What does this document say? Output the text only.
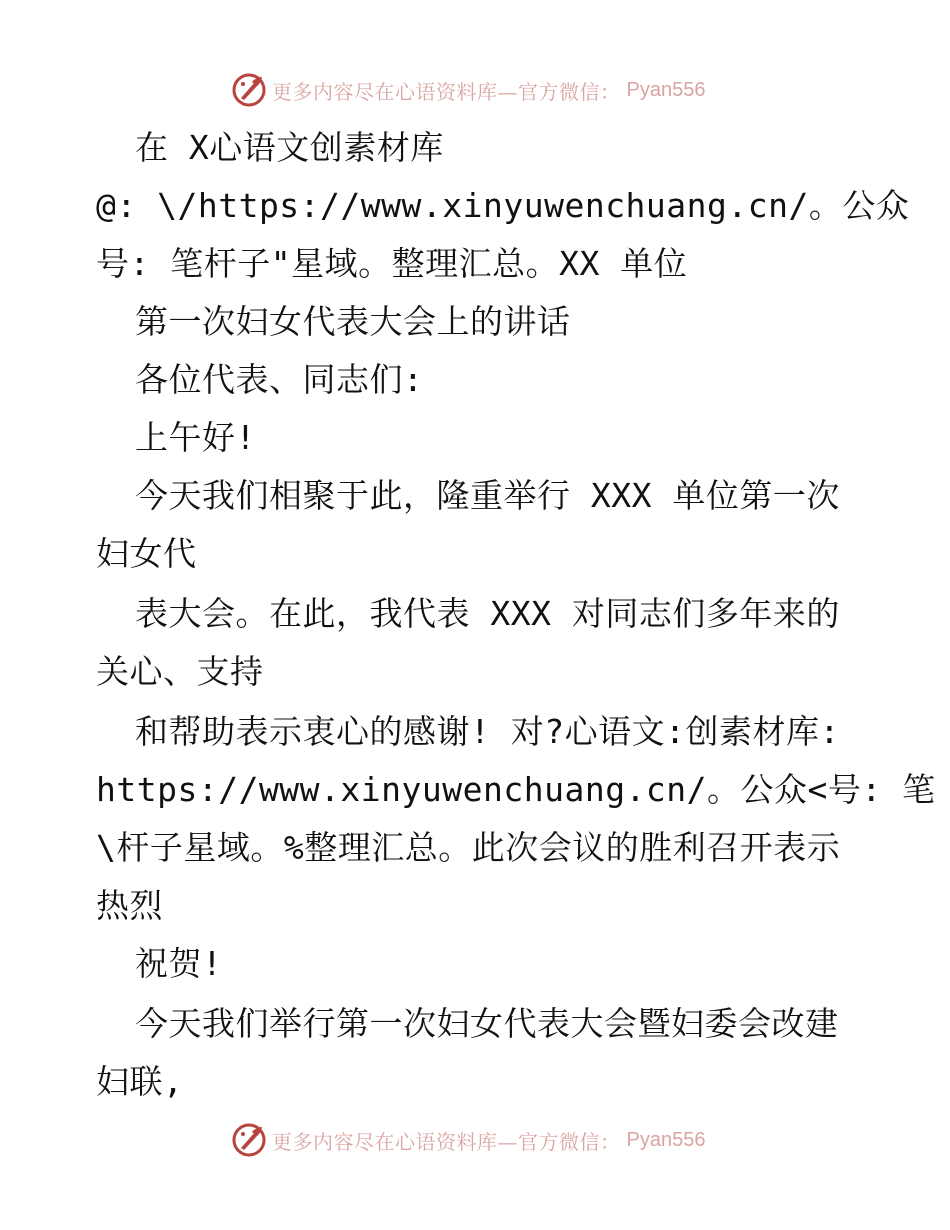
更多内容尽在心语资料库—官方微信： Pyan556
在 X心语文创素材库
@: \/https://www.xinyuwenchuang.cn/。公众
号: 笔杆子"星域。整理汇总。XX 单位
第一次妇女代表大会上的讲话
各位代表、同志们:
上午好!
今天我们相聚于此，隆重举行 XXX 单位第一次
妇女代
表大会。在此，我代表 XXX 对同志们多年来的
关心、支持
和帮助表示衷心的感谢! 对?心语文:创素材库:
https://www.xinyuwenchuang.cn/。公众<号: 笔
\杆子星域。%整理汇总。此次会议的胜利召开表示
热烈
祝贺!
今天我们举行第一次妇女代表大会暨妇委会改建
妇联,
更多内容尽在心语资料库—官方微信： Pyan556
